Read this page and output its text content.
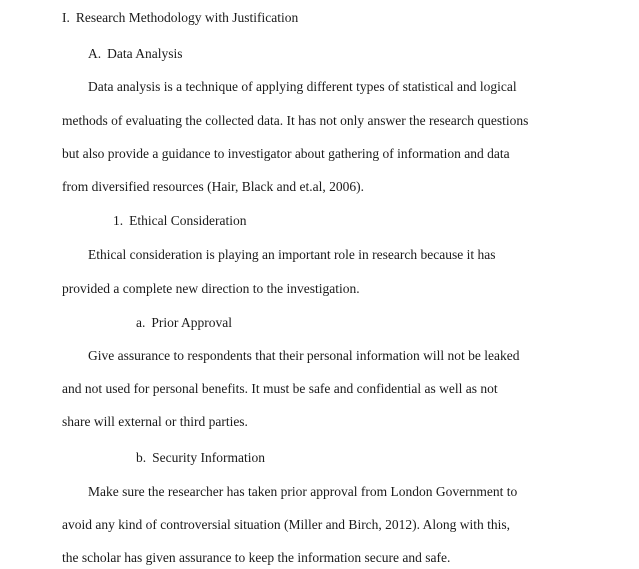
I. Research Methodology with Justification
A. Data Analysis
Data analysis is a technique of applying different types of statistical and logical
methods of evaluating the collected data. It has not only answer the research questions
but also provide a guidance to investigator about gathering of information and data
from diversified resources (Hair, Black and et.al, 2006).
1. Ethical Consideration
Ethical consideration is playing an important role in research because it has
provided a complete new direction to the investigation.
a. Prior Approval
Give assurance to respondents that their personal information will not be leaked
and not used for personal benefits. It must be safe and confidential as well as not
share will external or third parties.
b. Security Information
Make sure the researcher has taken prior approval from London Government to
avoid any kind of controversial situation (Miller and Birch, 2012). Along with this,
the scholar has given assurance to keep the information secure and safe.
